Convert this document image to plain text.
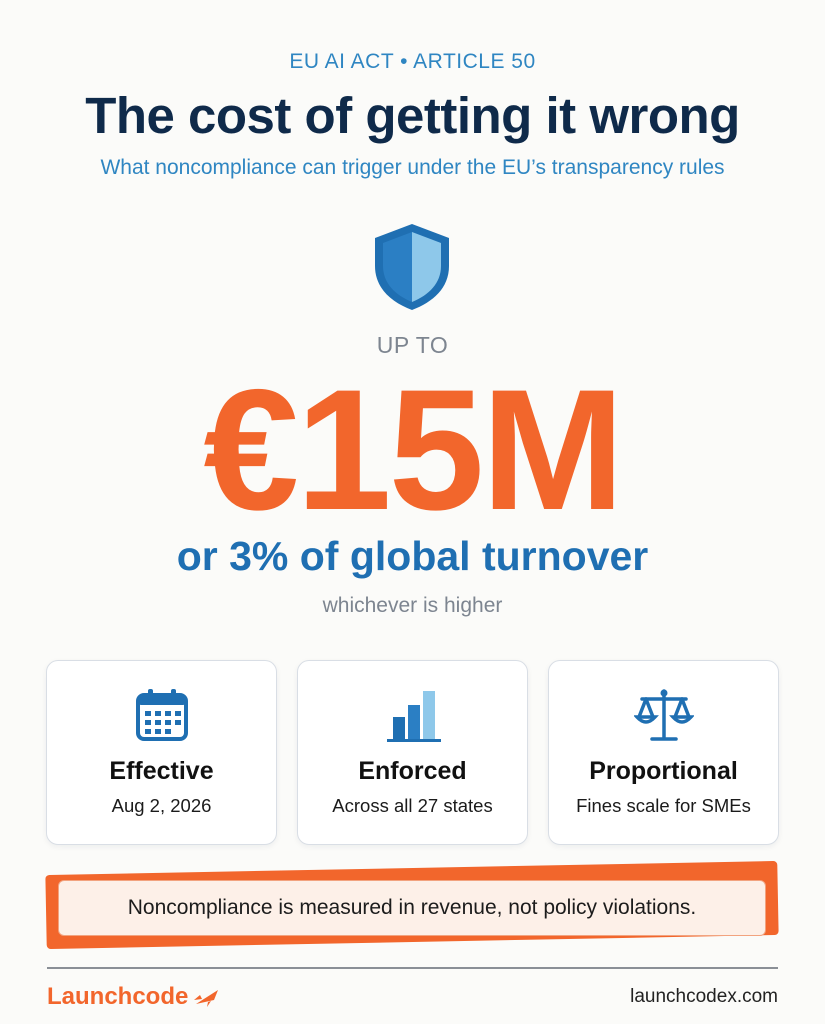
EU AI ACT • ARTICLE 50
The cost of getting it wrong
What noncompliance can trigger under the EU’s transparency rules
UP TO
€15M
or 3% of global turnover
whichever is higher
Effective
Aug 2, 2026
Enforced
Across all 27 states
Proportional
Fines scale for SMEs
Noncompliance is measured in revenue, not policy violations.
Launchcode	launchcodex.com
